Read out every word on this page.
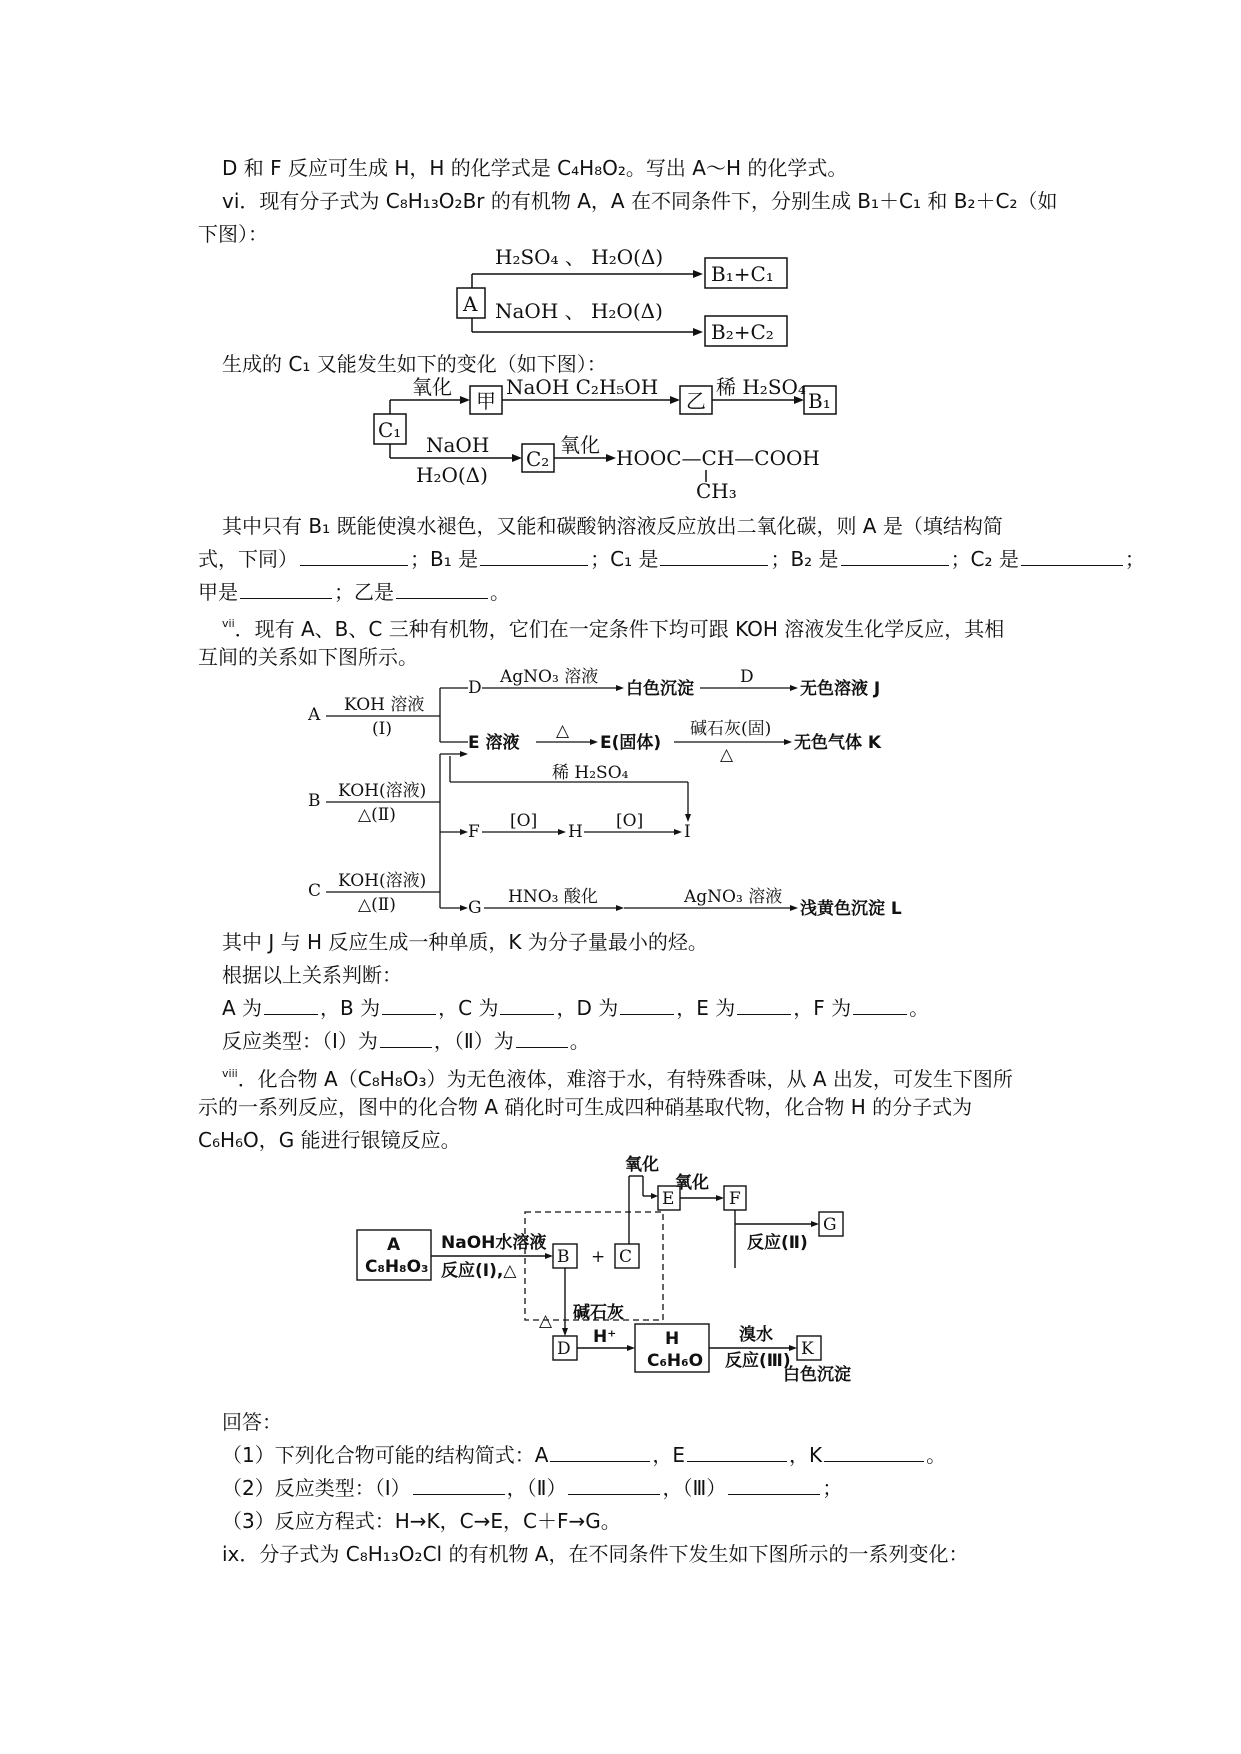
D 和 F 反应可生成 H，H 的化学式是 C₄H₈O₂。写出 A～H 的化学式。
vi．现有分子式为 C₈H₁₃O₂Br 的有机物 A，A 在不同条件下，分别生成 B₁＋C₁ 和 B₂＋C₂（如
下图）：
A
H₂SO₄ 、 H₂O(Δ)
NaOH 、 H₂O(Δ)
B₁+C₁
B₂+C₂
生成的 C₁ 又能发生如下的变化（如下图）：
C₁
氧化
甲
NaOH C₂H₅OH
乙
稀 H₂SO₄
B₁
NaOH
H₂O(Δ)
C₂
氧化
HOOC—CH—COOH
CH₃
其中只有 B₁ 既能使溴水褪色，又能和碳酸钠溶液反应放出二氧化碳，则 A 是（填结构简
式，下同）	；B₁ 是	；C₁ 是	；B₂ 是	；C₂ 是	；
甲是	；乙是	。
$^{vii}$．现有 A、B、C 三种有机物，它们在一定条件下均可跟 KOH 溶液发生化学反应，其相
互间的关系如下图所示。
A KOH 溶液
(Ⅰ)
D
AgNO₃ 溶液
白色沉淀
D
无色溶液 J
E 溶液
△
E(固体)
碱石灰(固)
△
无色气体 K
稀 H₂SO₄
B KOH(溶液)
△(Ⅱ)
F
[O]
H
[O]
I
C KOH(溶液)
△(Ⅱ)	G
HNO₃ 酸化	AgNO₃ 溶液
浅黄色沉淀 L
其中 J 与 H 反应生成一种单质，K 为分子量最小的烃。
根据以上关系判断：
A 为	，B 为	，C 为	，D 为	，E 为	，F 为	。
反应类型：（Ⅰ）为	，（Ⅱ）为	。
$^{viii}$．化合物 A（C₈H₈O₃）为无色液体，难溶于水，有特殊香味，从 A 出发，可发生下图所
示的一系列反应，图中的化合物 A 硝化时可生成四种硝基取代物，化合物 H 的分子式为
C₆H₆O，G 能进行银镜反应。
氧化
E
氧化
F
反应(Ⅱ)
G
A
C₈H₈O₃
NaOH水溶液
反应(Ⅰ),△
B + C
△ 碱石灰
D
H⁺	H
C₆H₆O
溴水
反应(Ⅲ)
K
白色沉淀
回答：
（1）下列化合物可能的结构简式：A	，E	，K	。
（2）反应类型：（Ⅰ）	，（Ⅱ）	，（Ⅲ）	；
（3）反应方程式：H→K，C→E，C＋F→G。
ix．分子式为 C₈H₁₃O₂Cl 的有机物 A，在不同条件下发生如下图所示的一系列变化：
